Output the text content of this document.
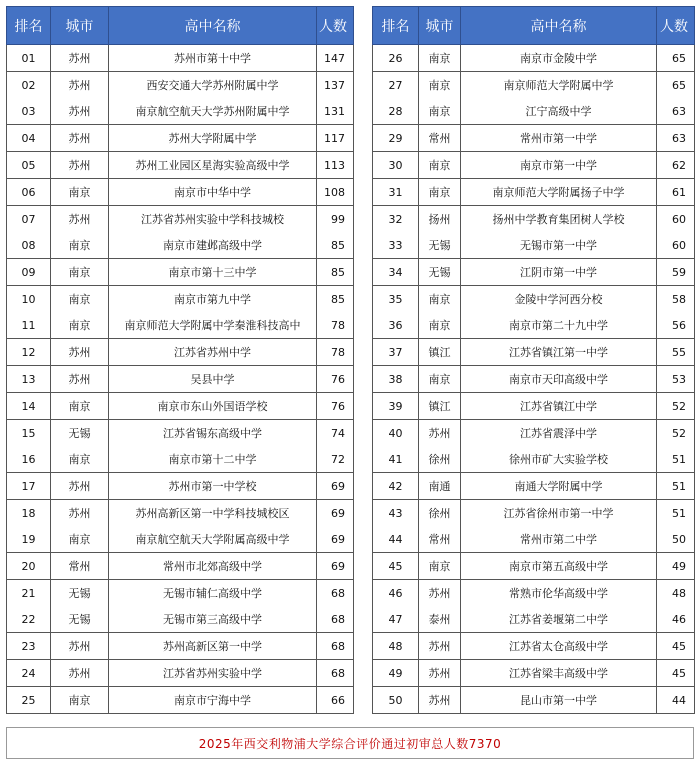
排名	城市	高中名称	人数
01	苏州	苏州市第十中学	147
02	苏州	西安交通大学苏州附属中学	137
03	苏州	南京航空航天大学苏州附属中学	131
04	苏州	苏州大学附属中学	117
05	苏州	苏州工业园区星海实验高级中学	113
06	南京	南京市中华中学	108
07	苏州	江苏省苏州实验中学科技城校	99
08	南京	南京市建邺高级中学	85
09	南京	南京市第十三中学	85
10	南京	南京市第九中学	85
11	南京	南京师范大学附属中学秦淮科技高中	78
12	苏州	江苏省苏州中学	78
13	苏州	吴县中学	76
14	南京	南京市东山外国语学校	76
15	无锡	江苏省锡东高级中学	74
16	南京	南京市第十二中学	72
17	苏州	苏州市第一中学校	69
18	苏州	苏州高新区第一中学科技城校区	69
19	南京	南京航空航天大学附属高级中学	69
20	常州	常州市北郊高级中学	69
21	无锡	无锡市辅仁高级中学	68
22	无锡	无锡市第三高级中学	68
23	苏州	苏州高新区第一中学	68
24	苏州	江苏省苏州实验中学	68
25	南京	南京市宁海中学	66
排名	城市	高中名称	人数
26	南京	南京市金陵中学	65
27	南京	南京师范大学附属中学	65
28	南京	江宁高级中学	63
29	常州	常州市第一中学	63
30	南京	南京市第一中学	62
31	南京	南京师范大学附属扬子中学	61
32	扬州	扬州中学教育集团树人学校	60
33	无锡	无锡市第一中学	60
34	无锡	江阴市第一中学	59
35	南京	金陵中学河西分校	58
36	南京	南京市第二十九中学	56
37	镇江	江苏省镇江第一中学	55
38	南京	南京市天印高级中学	53
39	镇江	江苏省镇江中学	52
40	苏州	江苏省震泽中学	52
41	徐州	徐州市矿大实验学校	51
42	南通	南通大学附属中学	51
43	徐州	江苏省徐州市第一中学	51
44	常州	常州市第二中学	50
45	南京	南京市第五高级中学	49
46	苏州	常熟市伦华高级中学	48
47	泰州	江苏省姜堰第二中学	46
48	苏州	江苏省太仓高级中学	45
49	苏州	江苏省梁丰高级中学	45
50	苏州	昆山市第一中学	44
2025年西交利物浦大学综合评价通过初审总人数7370
